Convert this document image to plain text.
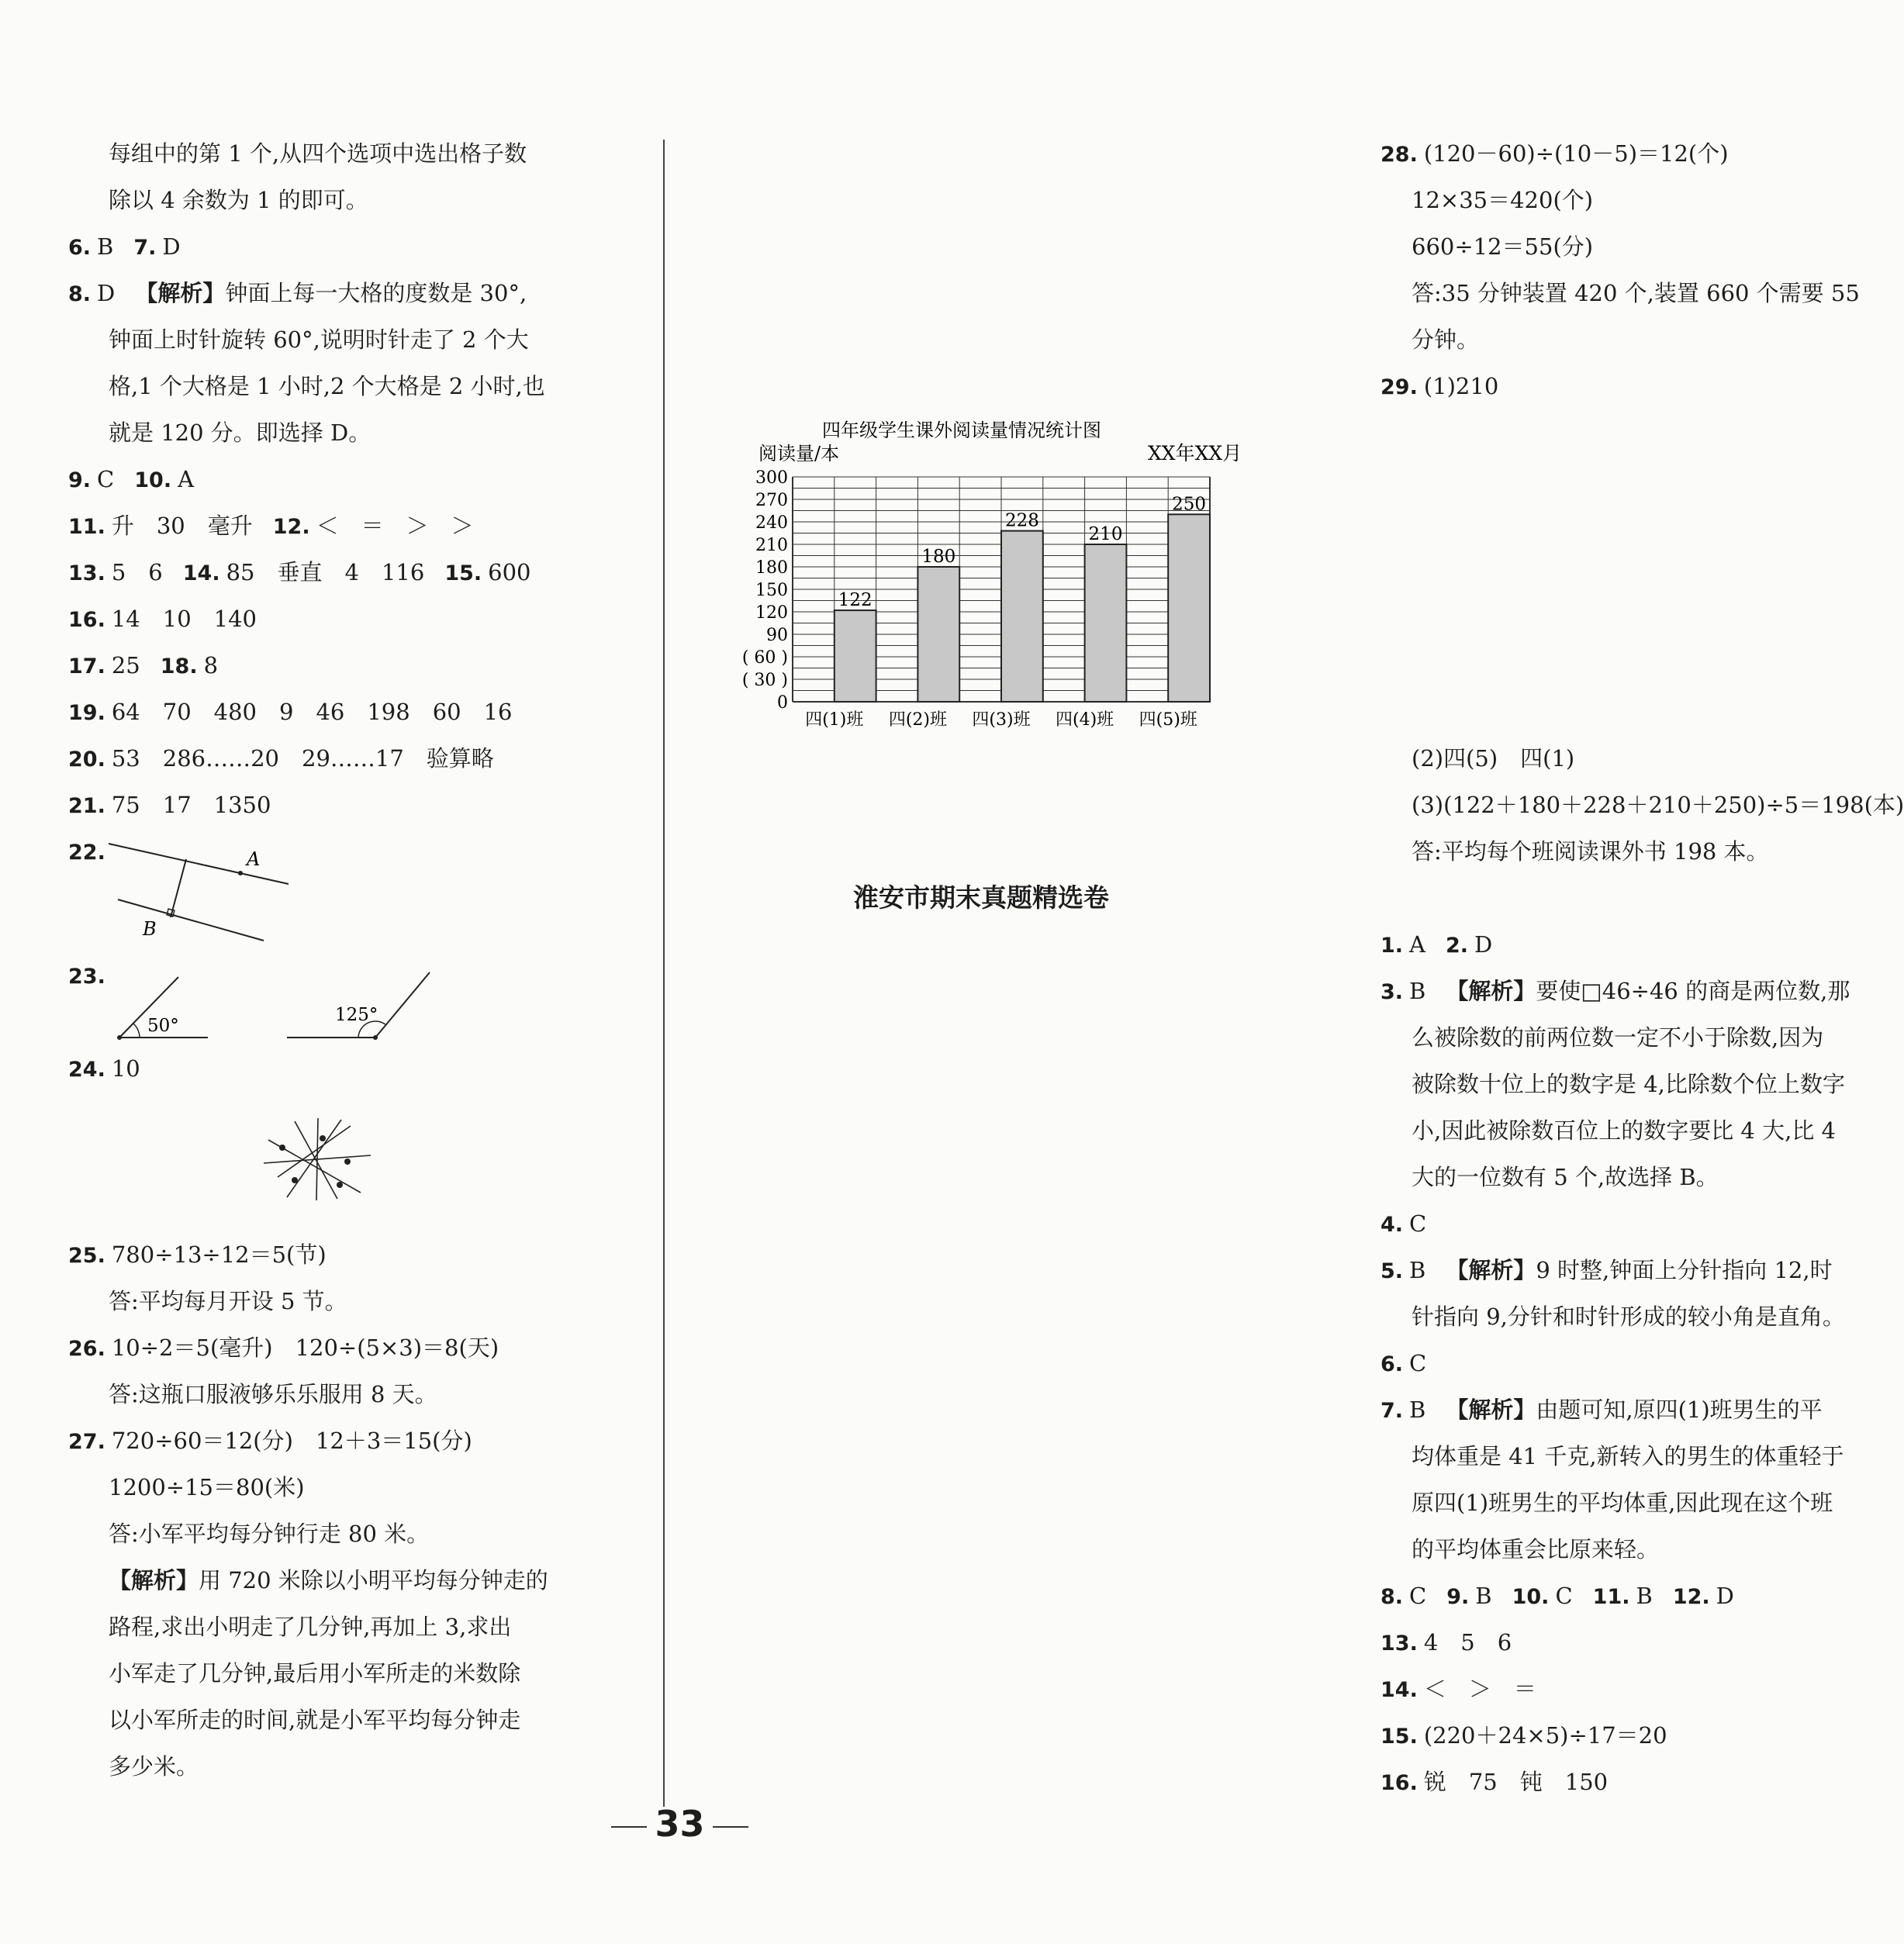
每组中的第 1 个,从四个选项中选出格子数
除以 4 余数为 1 的即可。
6. B 7. D
8. D 【解析】钟面上每一大格的度数是 30°,
钟面上时针旋转 60°,说明时针走了 2 个大
格,1 个大格是 1 小时,2 个大格是 2 小时,也
就是 120 分。即选择 D。
9. C 10. A
11. 升　30　毫升 12. ＜　＝　＞　＞
13. 5　6 14. 85　垂直　4　116 15. 600
16. 14　10　140
17. 25 18. 8
19. 64　70　480　9　46　198　60　16
20. 53　286……20　29……17　验算略
21. 75　17　1350
22.
23.
24. 10
25. 780÷13÷12＝5(节)
答:平均每月开设 5 节。
26. 10÷2＝5(毫升)　120÷(5×3)＝8(天)
答:这瓶口服液够乐乐服用 8 天。
27. 720÷60＝12(分)　12＋3＝15(分)
1200÷15＝80(米)
答:小军平均每分钟行走 80 米。
【解析】用 720 米除以小明平均每分钟走的
路程,求出小明走了几分钟,再加上 3,求出
小军走了几分钟,最后用小军所走的米数除
以小军所走的时间,就是小军平均每分钟走
多少米。
28. (120－60)÷(10－5)＝12(个)
12×35＝420(个)
660÷12＝55(分)
答:35 分钟装置 420 个,装置 660 个需要 55
分钟。
29. (1)210
(2)四(5)　四(1)
(3)(122＋180＋228＋210＋250)÷5＝198(本)
答:平均每个班阅读课外书 198 本。
1. A 2. D
3. B 【解析】要使□46÷46 的商是两位数,那
么被除数的前两位数一定不小于除数,因为
被除数十位上的数字是 4,比除数个位上数字
小,因此被除数百位上的数字要比 4 大,比 4
大的一位数有 5 个,故选择 B。
4. C
5. B 【解析】9 时整,钟面上分针指向 12,时
针指向 9,分针和时针形成的较小角是直角。
6. C
7. B 【解析】由题可知,原四(1)班男生的平
均体重是 41 千克,新转入的男生的体重轻于
原四(1)班男生的平均体重,因此现在这个班
的平均体重会比原来轻。
8. C 9. B 10. C 11. B 12. D
13. 4　5　6
14. ＜　＞　＝
15. (220＋24×5)÷17＝20
16. 锐　75　钝　150
淮安市期末真题精选卷
A
B
50°
125°
四年级学生课外阅读量情况统计图
XX年XX月
阅读量/本
300
270
240
210
180
150
120
90
( 60 )
( 30 )
0
四(1)班 四(2)班 四(3)班 四(4)班 四(5)班
122
180
228
210
250
33
